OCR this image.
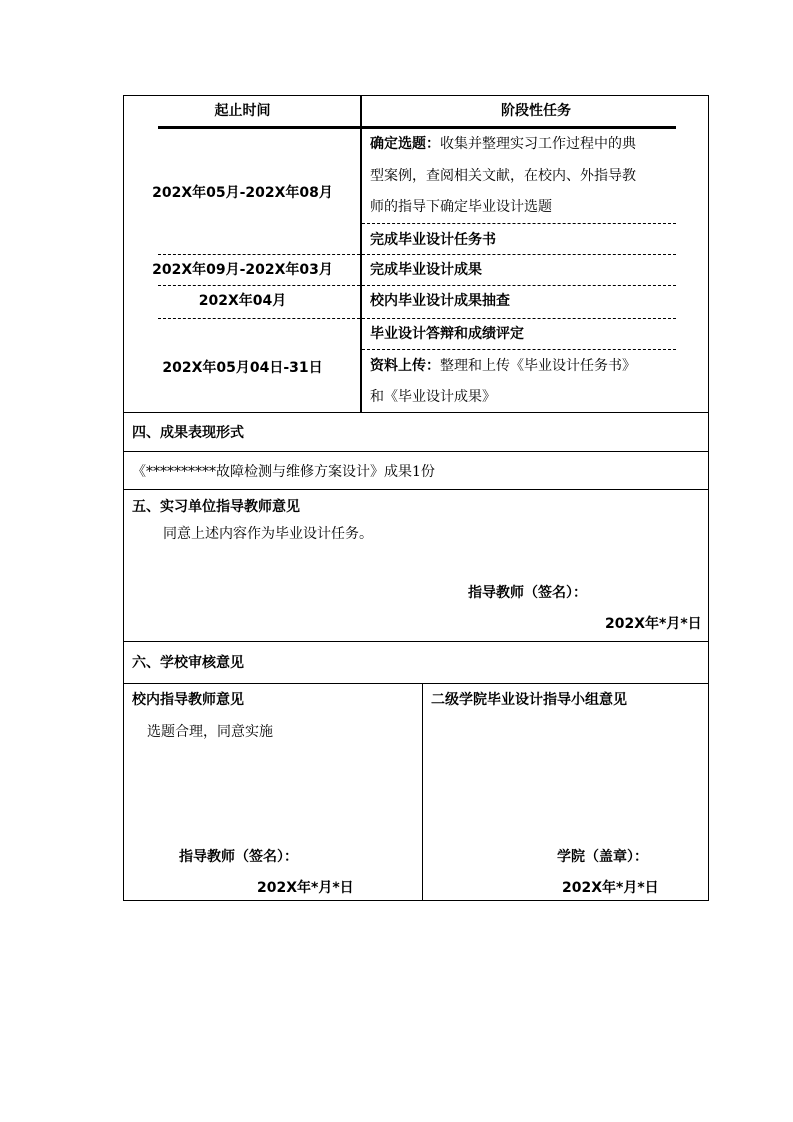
起止时间	阶段性任务
202X年05月-202X年08月
202X年09月-202X年03月
202X年04月
202X年05月04日-31日
确定选题：收集并整理实习工作过程中的典
型案例，查阅相关文献，在校内、外指导教
师的指导下确定毕业设计选题
完成毕业设计任务书
完成毕业设计成果
校内毕业设计成果抽查
毕业设计答辩和成绩评定
资料上传：整理和上传《毕业设计任务书》
和《毕业设计成果》
四、成果表现形式
《**********故障检测与维修方案设计》成果1份
五、实习单位指导教师意见
同意上述内容作为毕业设计任务。
指导教师（签名）：
202X年*月*日
六、学校审核意见
校内指导教师意见
选题合理，同意实施
指导教师（签名）：
202X年*月*日
二级学院毕业设计指导小组意见
学院（盖章）：
202X年*月*日
